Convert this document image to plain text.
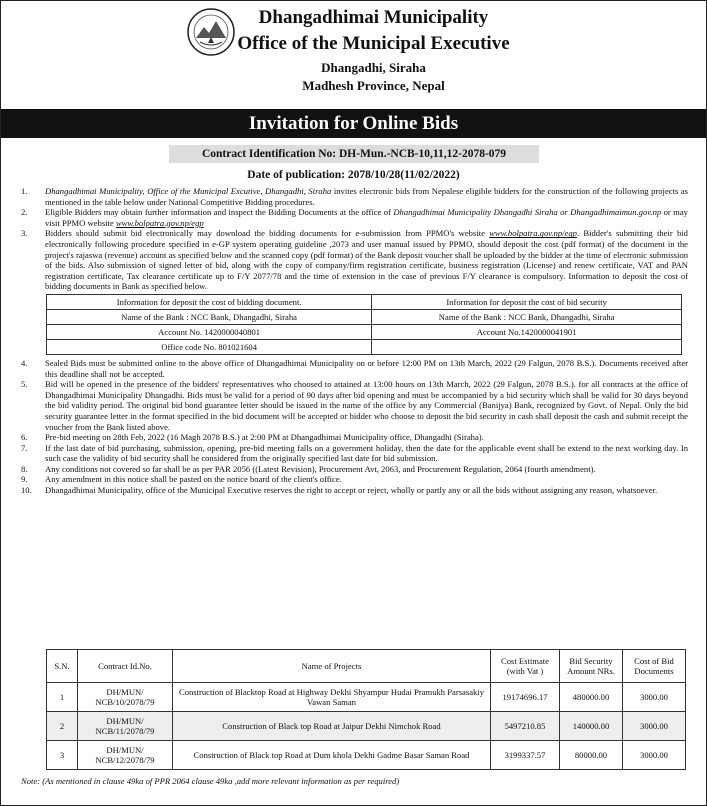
Dhangadhimai Municipality
Office of the Municipal Executive
Dhangadhi, Siraha
Madhesh Province, Nepal
Invitation for Online Bids
Contract Identification No: DH-Mun.-NCB-10,11,12-2078-079
Date of publication: 2078/10/28(11/02/2022)
1. Dhangadhimai Municipality, Office of the Municipal Excutive, Dhangadhi, Siraha invites electronic bids from Nepalese eligible bidders for the construction of the following projects as mentioned in the table below under National Competitive Bidding procedures.
2. Eligible Bidders may obtain further information and inspect the Bidding Documents at the office of Dhangadhimai Municipality Dhangadhi Siraha or Dhangadhimaimun.gov.np or may visit PPMO website www.bolpatra.gov.np/egp
3. Bidders should submit bid electronically may download the bidding documents for e-submission from PPMO's website www.bolpatra.gov.np/egp. Bidder's submitting their bid electronically following procedure specified in e-GP system operating guideline ,2073 and user manual issued by PPMO, should deposit the cost (pdf format) of the document in the project's rajaswa (revenue) account as specified below and the scanned copy (pdf format) of the Bank deposit voucher shall be uploaded by the bidder at the time of electronic submission of the bids. Also submission of signed letter of bid, along with the copy of company/firm registration certificate, business registration (License) and renew certificate, VAT and PAN registration certificate, Tax clearance certificate up to F/Y 2077/78 and the time of extension in the case of previous F/Y clearance is compulsory. Information to deposit the cost of bidding documents in Bank as specified below.
Information for deposit the cost of bidding document.	Information for deposit the cost of bid security
Name of the Bank : NCC Bank, Dhangadhi, Siraha	Name of the Bank : NCC Bank, Dhangadhi, Siraha
Account No. 1420000040801	Account No.1420000041901
Office code No. 801021604	
4. Sealed Bids must be submitted online to the above office of Dhangadhimai Municipality on or before 12:00 PM on 13th March, 2022 (29 Falgun, 2078 B.S.). Documents received after this deadline shall not be accepted.
5. Bid will be opened in the presence of the bidders' representatives who choosed to attained at 13:00 hours on 13th March, 2022 (29 Falgun, 2078 B.S.). for all contracts at the office of Dhangadhimai Municipality Dhangadhi. Bids must be valid for a period of 90 days after bid opening and must be accompanied by a bid security which shall be valid for 30 days beyond the bid validity period. The original bid bond guarantee letter should be issued in the name of the office by any Commercial (Banijya) Bank, recognized by Govt. of Nepal. Only the bid security guarantee letter in the format specified in the bid document will be accepted or bidder who choose to deposit the bid security in cash shall deposit the cash and submit receipt the voucher from the Bank listed above.
6. Pre-bid meeting on 28th Feb, 2022 (16 Magh 2078 B.S.) at 2:00 PM at Dhangadhimai Municipality office, Dhangadhi (Siraha).
7. If the last date of bid purchasing, submission, opening, pre-bid meeting falls on a government holiday, then the date for the applicable event shall be extend to the next working day. In such case the validity of bid security shall be considered from the originally specified last date for bid submission.
8. Any conditions not covered so far shall be as per PAR 2056 ((Latest Revision), Procurement Avt, 2063, and Procurement Regulation, 2064 (fourth amendment).
9. Any amendment in this notice shall be pasted on the notice board of the client's office.
10. Dhangadhimai Municipality, office of the Municipal Executive reserves the right to accept or reject, wholly or partly any or all the bids without assigning any reason, whatsoever.
S.N.	Contract Id.No.	Name of Projects	Cost Estimate (with Vat )	Bid Security Amount NRs.	Cost of Bid Documents
1	DH/MUN/ NCB/10/2078/79	Construction of Blacktop Road at Highway Dekhi Shyampur Hudai Pramukh Parsasakiy Vawan Saman	19174696.17	480000.00	3000.00
2	DH/MUN/ NCB/11/2078/79	Construction of Black top Road at Jaipur Dekhi Nimchok Road	5497210.85	140000.00	3000.00
3	DH/MUN/ NCB/12/2078/79	Construction of Black top Road at Dum khola Dekhi Gadme Basar Saman Road	3199337.57	80000.00	3000.00
Note: (As mentioned in clause 49ka of PPR 2064 clause 49ka ,add more relevant information as per required)
